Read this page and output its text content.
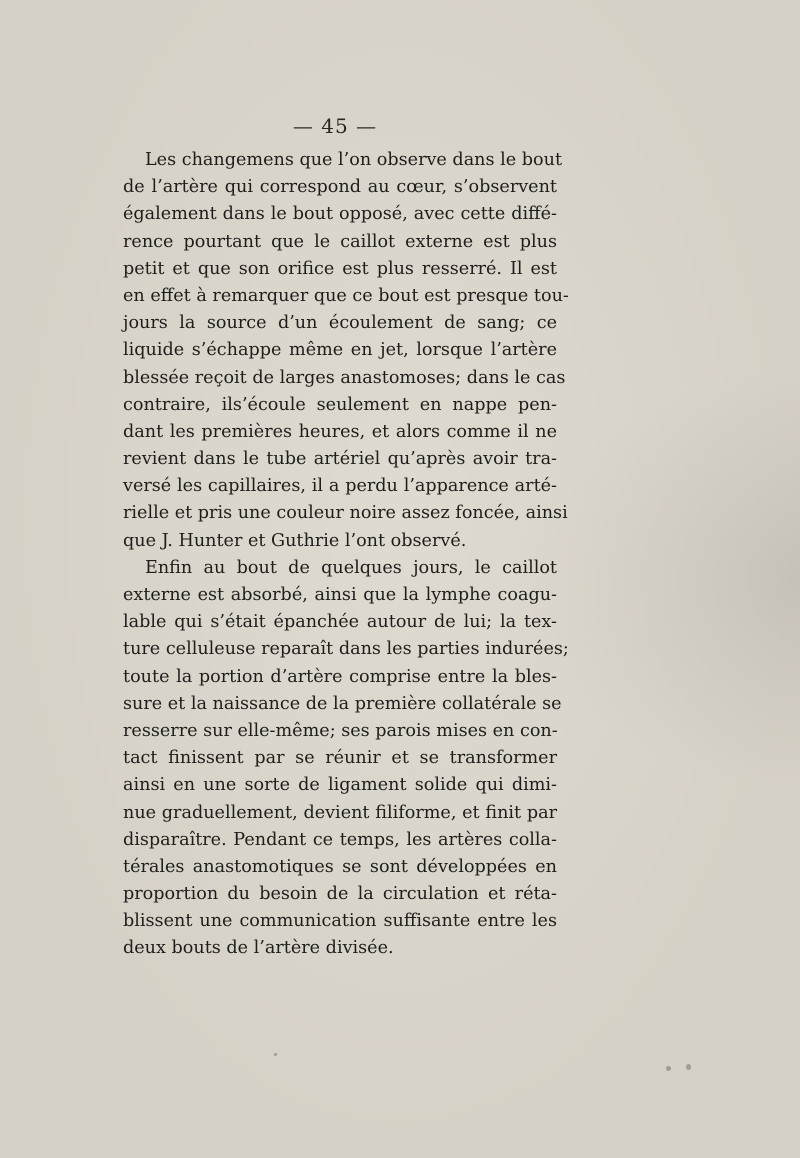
— 45 —
Les changemens que l’on observe dans le bout
de l’artère qui correspond au cœur, s’observent
également dans le bout opposé, avec cette diffé-
rence pourtant que le caillot externe est plus
petit et que son orifice est plus resserré. Il est
en effet à remarquer que ce bout est presque tou-
jours la source d’un écoulement de sang; ce
liquide s’échappe même en jet, lorsque l’artère
blessée reçoit de larges anastomoses; dans le cas
contraire, ils’écoule seulement en nappe pen-
dant les premières heures, et alors comme il ne
revient dans le tube artériel qu’après avoir tra-
versé les capillaires, il a perdu l’apparence arté-
rielle et pris une couleur noire assez foncée, ainsi
que J. Hunter et Guthrie l’ont observé.
Enfin au bout de quelques jours, le caillot
externe est absorbé, ainsi que la lymphe coagu-
lable qui s’était épanchée autour de lui; la tex-
ture celluleuse reparaît dans les parties indurées;
toute la portion d’artère comprise entre la bles-
sure et la naissance de la première collatérale se
resserre sur elle-même; ses parois mises en con-
tact finissent par se réunir et se transformer
ainsi en une sorte de ligament solide qui dimi-
nue graduellement, devient filiforme, et finit par
disparaître. Pendant ce temps, les artères colla-
térales anastomotiques se sont développées en
proportion du besoin de la circulation et réta-
blissent une communication suffisante entre les
deux bouts de l’artère divisée.
